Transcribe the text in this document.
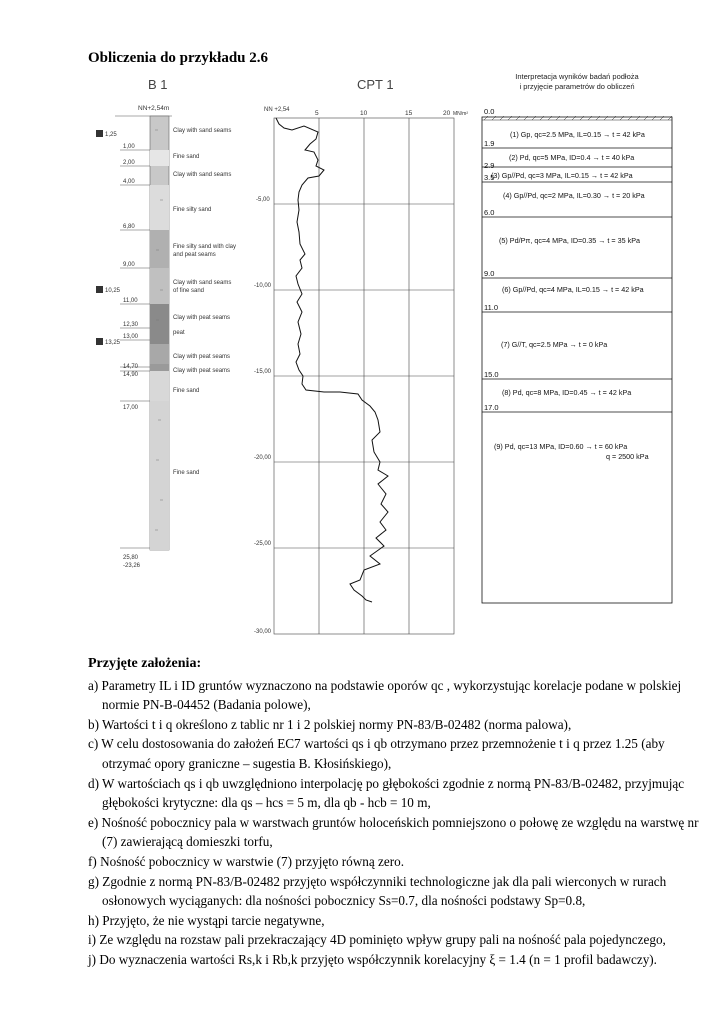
Obliczenia do przykładu 2.6
B 1
NN+2,54m
1,00
2,00
4,00
6,80
9,00
11,00
12,30
13,00
14,70
14,90
17,00
25,80
-23,26
1,25
10,25
13,25
Clay with sand seams
Fine sand
Clay with sand seams
Fine silty sand
Fine silty sand with clay
and peat seams
Clay with sand seams
of fine sand
Clay with peat seams
peat
Clay with peat seams
Clay with peat seams
Fine sand
Fine sand
CPT 1
NN +2,54	5	10	15	20 MN/m²
-5,00
-10,00
-15,00
-20,00
-25,00
-30,00
Interpretacja wyników badań podłoża
i przyjęcie parametrów do obliczeń
0.0
1.9
2.9
3.5
6.0
9.0
11.0
15.0
17.0
(1) Gp, qc=2.5 MPa, IL=0.15 → t = 42 kPa
(2) Pd, qc=5 MPa, ID=0.4 → t = 40 kPa
(3) Gp//Pd, qc=3 MPa, IL=0.15 → t = 42 kPa
(4) Gp//Pd, qc=2 MPa, IL=0.30 → t = 20 kPa
(5) Pd/Pπ, qc=4 MPa, ID=0.35 → t = 35 kPa
(6) Gp//Pd, qc=4 MPa, IL=0.15 → t = 42 kPa
(7) G//T, qc=2.5 MPa → t = 0 kPa
(8) Pd, qc=8 MPa, ID=0.45 → t = 42 kPa
(9) Pd, qc=13 MPa, ID=0.60 → t = 60 kPa
q = 2500 kPa
Przyjęte założenia:
a) Parametry IL i ID gruntów wyznaczono na podstawie oporów qc , wykorzystując korelacje podane w polskiej normie PN-B-04452 (Badania polowe),
b) Wartości t i q określono z tablic nr 1 i 2 polskiej normy PN-83/B-02482 (norma palowa),
c) W celu dostosowania do założeń EC7 wartości qs i qb otrzymano przez przemnożenie t i q przez 1.25 (aby otrzymać opory graniczne – sugestia B. Kłosińskiego),
d) W wartościach qs i qb uwzględniono interpolację po głębokości zgodnie z normą PN-83/B-02482, przyjmując głębokości krytyczne: dla qs – hcs = 5 m, dla qb - hcb = 10 m,
e) Nośność pobocznicy pala w warstwach gruntów holoceńskich pomniejszono o połowę ze względu na warstwę nr (7) zawierającą domieszki torfu,
f) Nośność pobocznicy w warstwie (7) przyjęto równą zero.
g) Zgodnie z normą PN-83/B-02482 przyjęto współczynniki technologiczne jak dla pali wierconych w rurach osłonowych wyciąganych: dla nośności pobocznicy Ss=0.7, dla nośności podstawy Sp=0.8,
h) Przyjęto, że nie wystąpi tarcie negatywne,
i) Ze względu na rozstaw pali przekraczający 4D pominięto wpływ grupy pali na nośność pala pojedynczego,
j) Do wyznaczenia wartości Rs,k i Rb,k przyjęto współczynnik korelacyjny ξ = 1.4 (n = 1 profil badawczy).
